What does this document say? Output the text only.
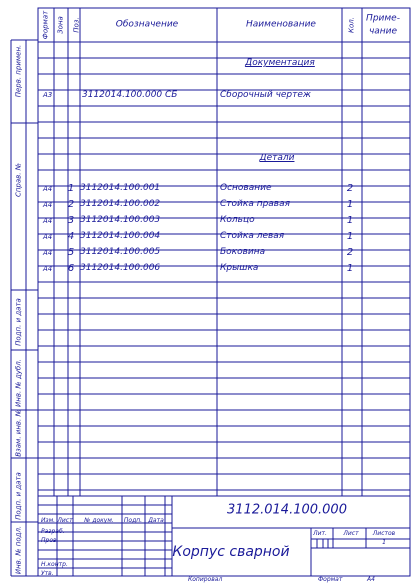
Формат Зона Поз.	Обозначение	Наименование	Кол. Приме-
чание
Документация
Детали
А3	3112014.100.000 СБ	Сборочный чертеж
А4 1 3112014.100.001	Основание	2
А4 2 3112014.100.002	Стойка правая	1
А4 3 3112014.100.003	Кольцо	1
А4 4 3112014.100.004	Стойка левая	1
А4 5 3112014.100.005	Боковина	2
А4 6 3112014.100.006	Крышка	1
Перв. примен.
Справ. №
Подп. и дата
Инв. № дубл.
Взам. инв. №
Подп. и дата
Инв. № подл.
3112.014.100.000
Корпус сварной
Изм. Лист № докум. Подп. Дата
Разраб.
Пров.
Н.контр.
Утв.
Лит.	Лист Листов
1
Копировал	Формат	А4
